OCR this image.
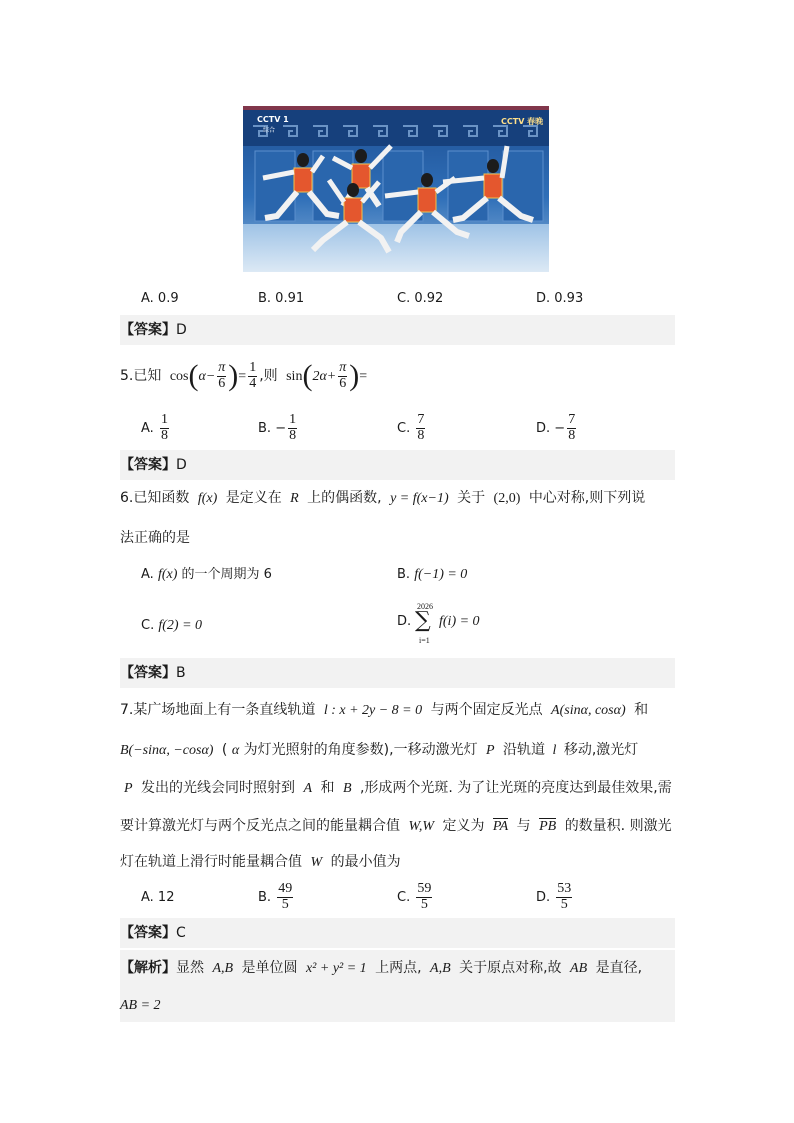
CCTV 1
综合
CCTV 春晚
A. 0.9	B. 0.91	C. 0.92	D. 0.93
【答案】D
5.已知 $\cos(\alpha- \frac{\pi}{6}$ )= $\frac{1}{4}$ ,则 $\sin(2\alpha+ \frac{\pi}{6}$ )=
A. $\frac{1}{8}$	B. − $\frac{1}{8}$	C. $\frac{7}{8}$	D. − $\frac{7}{8}$
【答案】D
6.已知函数 f(x) 是定义在 R 上的偶函数, y = f(x−1) 关于 (2,0) 中心对称,则下列说
法正确的是
A. f(x) 的一个周期为 6	B. f(−1) = 0
C. f(2) = 0	D.
2026
∑
i=1
f(i) = 0
【答案】B
7.某广场地面上有一条直线轨道 l : x + 2y − 8 = 0 与两个固定反光点 A(sinα, cosα) 和
B(−sinα, −cosα) ( α 为灯光照射的角度参数),一移动激光灯 P 沿轨道 l 移动,激光灯
P 发出的光线会同时照射到 A 和 B ,形成两个光斑. 为了让光斑的亮度达到最佳效果,需
要计算激光灯与两个反光点之间的能量耦合值 W,W 定义为 PA 与 PB 的数量积. 则激光
灯在轨道上滑行时能量耦合值 W 的最小值为
A. 12	B. $\frac{49}{5}$	C. $\frac{59}{5}$	D. $\frac{53}{5}$
【答案】C
【解析】显然 A,B 是单位圆 x² + y² = 1 上两点, A,B 关于原点对称,故 AB 是直径,
AB = 2
